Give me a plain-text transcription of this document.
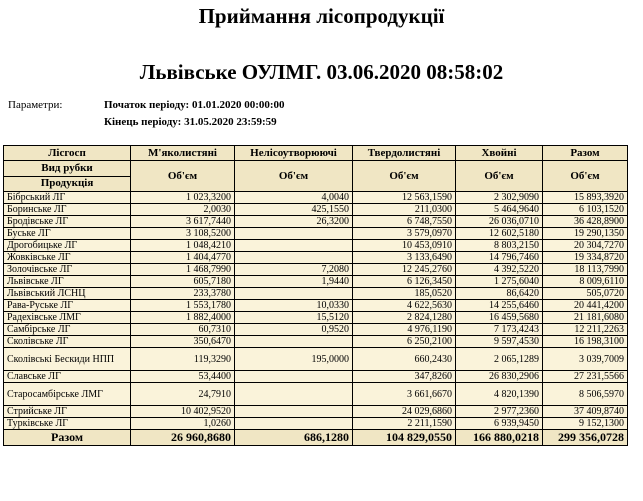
Приймання лісопродукції
Львівське ОУЛМГ. 03.06.2020 08:58:02
Параметри:	Початок періоду: 01.01.2020 00:00:00
Кінець періоду: 31.05.2020 23:59:59
Лісгосп	М'яколистяні	Нелісоутворюючі	Твердолистяні	Хвойні	Разом
Вид рубки	Об'єм	Об'єм	Об'єм	Об'єм	Об'єм
Продукція					
Бібрський ЛГ	1 023,3200	4,0040	12 563,1590	2 302,9090	15 893,3920
Боринське ЛГ	2,0030	425,1550	211,0300	5 464,9640	6 103,1520
Бродівське ЛГ	3 617,7440	26,3200	6 748,7550	26 036,0710	36 428,8900
Буське ЛГ	3 108,5200		3 579,0970	12 602,5180	19 290,1350
Дрогобицьке ЛГ	1 048,4210		10 453,0910	8 803,2150	20 304,7270
Жовківське ЛГ	1 404,4770		3 133,6490	14 796,7460	19 334,8720
Золочівське ЛГ	1 468,7990	7,2080	12 245,2760	4 392,5220	18 113,7990
Львівське ЛГ	605,7180	1,9440	6 126,3450	1 275,6040	8 009,6110
Львівський ЛСНЦ	233,3780		185,0520	86,6420	505,0720
Рава-Руське ЛГ	1 553,1780	10,0330	4 622,5630	14 255,6460	20 441,4200
Радехівське ЛМГ	1 882,4000	15,5120	2 824,1280	16 459,5680	21 181,6080
Самбірське ЛГ	60,7310	0,9520	4 976,1190	7 173,4243	12 211,2263
Сколівське ЛГ	350,6470		6 250,2100	9 597,4530	16 198,3100
Сколівські Бескиди НПП	119,3290	195,0000	660,2430	2 065,1289	3 039,7009
Славське ЛГ	53,4400		347,8260	26 830,2906	27 231,5566
Старосамбірське ЛМГ	24,7910		3 661,6670	4 820,1390	8 506,5970
Стрийське ЛГ	10 402,9520		24 029,6860	2 977,2360	37 409,8740
Турківське ЛГ	1,0260		2 211,1590	6 939,9450	9 152,1300
Разом	26 960,8680	686,1280	104 829,0550	166 880,0218	299 356,0728
